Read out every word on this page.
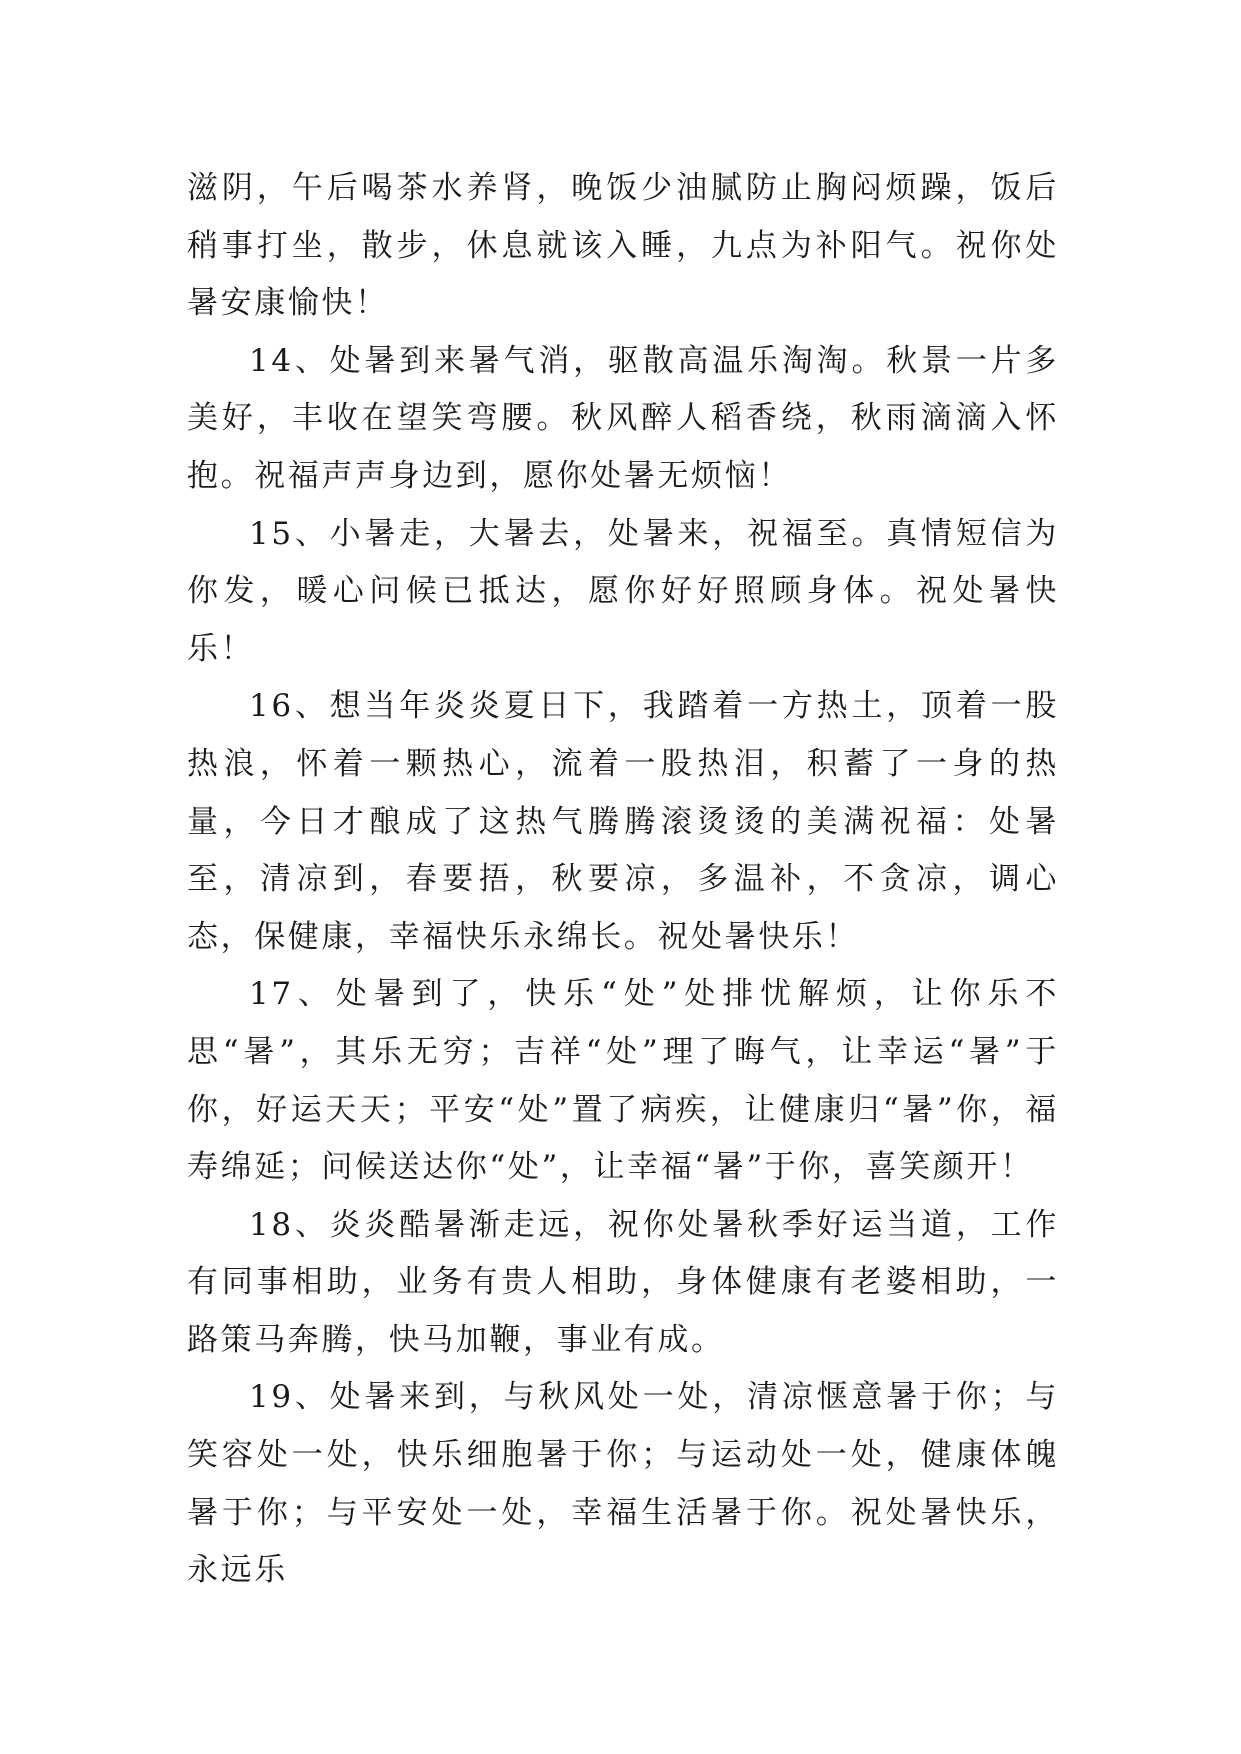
滋阴，午后喝茶水养肾，晚饭少油腻防止胸闷烦躁，饭后稍事打坐，散步，休息就该入睡，九点为补阳气。祝你处暑安康愉快！

14、处暑到来暑气消，驱散高温乐淘淘。秋景一片多美好，丰收在望笑弯腰。秋风醉人稻香绕，秋雨滴滴入怀抱。祝福声声身边到，愿你处暑无烦恼！

15、小暑走，大暑去，处暑来，祝福至。真情短信为你发，暖心问候已抵达，愿你好好照顾身体。祝处暑快乐！

16、想当年炎炎夏日下，我踏着一方热土，顶着一股热浪，怀着一颗热心，流着一股热泪，积蓄了一身的热量，今日才酿成了这热气腾腾滚烫烫的美满祝福：处暑至，清凉到，春要捂，秋要凉，多温补，不贪凉，调心态，保健康，幸福快乐永绵长。祝处暑快乐！

17、处暑到了，快乐“处”处排忧解烦，让你乐不思“暑”，其乐无穷；吉祥“处”理了晦气，让幸运“暑”于你，好运天天；平安“处”置了病疾，让健康归“暑”你，福寿绵延；问候送达你“处”，让幸福“暑”于你，喜笑颜开！

18、炎炎酷暑渐走远，祝你处暑秋季好运当道，工作有同事相助，业务有贵人相助，身体健康有老婆相助，一路策马奔腾，快马加鞭，事业有成。

19、处暑来到，与秋风处一处，清凉惬意暑于你；与笑容处一处，快乐细胞暑于你；与运动处一处，健康体魄暑于你；与平安处一处，幸福生活暑于你。祝处暑快乐，永远乐
